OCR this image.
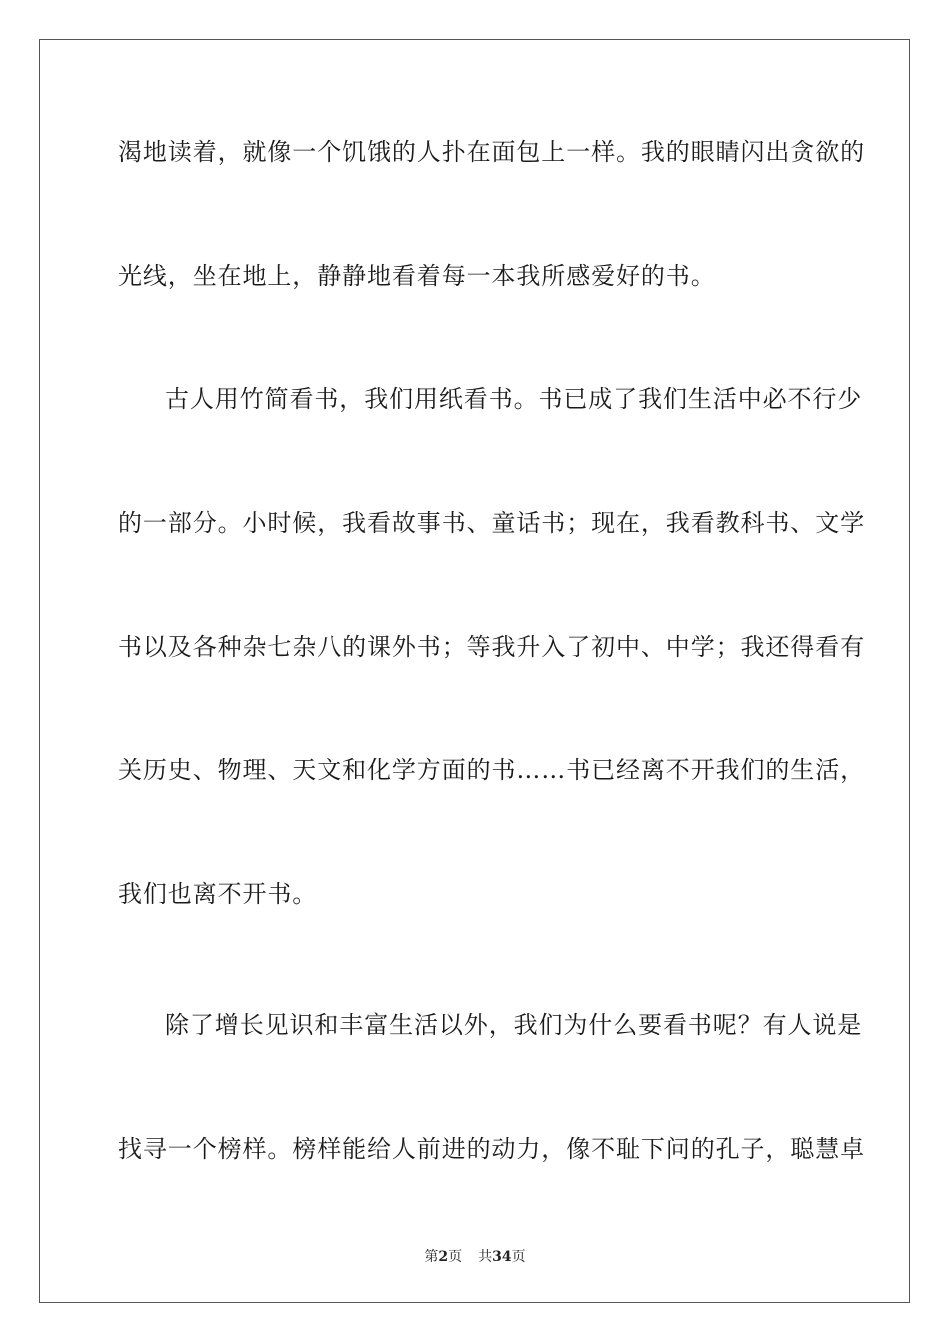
渴地读着，就像一个饥饿的人扑在面包上一样。我的眼睛闪出贪欲的
光线，坐在地上，静静地看着每一本我所感爱好的书。
古人用竹简看书，我们用纸看书。书已成了我们生活中必不行少
的一部分。小时候，我看故事书、童话书；现在，我看教科书、文学
书以及各种杂七杂八的课外书；等我升入了初中、中学；我还得看有
关历史、物理、天文和化学方面的书……书已经离不开我们的生活，
我们也离不开书。
除了增长见识和丰富生活以外，我们为什么要看书呢？有人说是
找寻一个榜样。榜样能给人前进的动力，像不耻下问的孔子，聪慧卓
第2页 共34页
